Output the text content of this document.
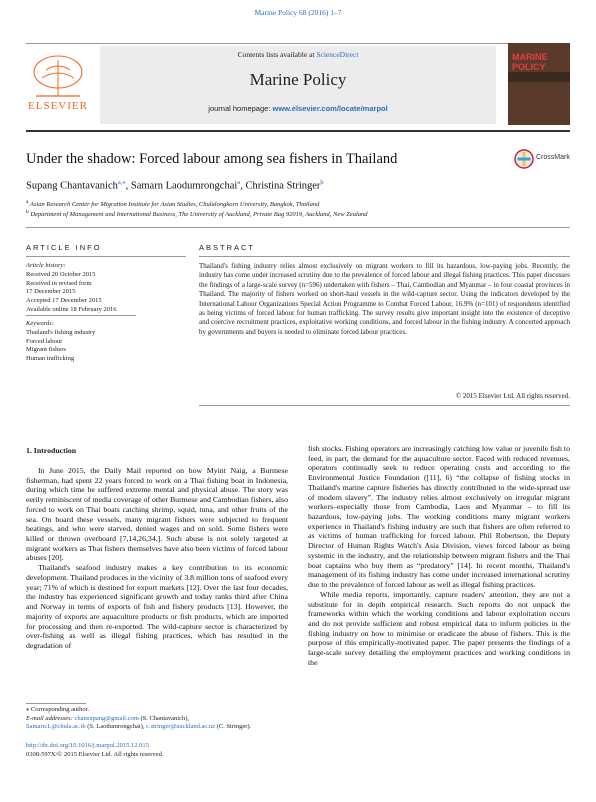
Marine Policy 68 (2016) 1–7
ELSEVIER
Contents lists available at ScienceDirect
Marine Policy
journal homepage: www.elsevier.com/locate/marpol
MARINE POLICY
Under the shadow: Forced labour among sea fishers in Thailand	CrossMark
Supang Chantavanich$^{a,⁎}$, Samarn Laodumrongchai$^a$, Christina Stringer$^b$
$^a$ Asian Research Center for Migration Institute for Asian Studies, Chulalongkorn University, Bangkok, Thailand
$^b$ Department of Management and International Business, The University of Auckland, Private Bag 92019, Auckland, New Zealand
ARTICLE INFO
Article history:
Received 20 October 2015
Received in revised form
17 December 2015
Accepted 17 December 2015
Available online 18 February 2016
Keywords:
Thailand's fishing industry
Forced labour
Migrant fishers
Human trafficking
ABSTRACT
Thailand's fishing industry relies almost exclusively on migrant workers to fill its hazardous, low-paying jobs. Recently, the industry has come under increased scrutiny due to the prevalence of forced labour and illegal fishing practices. This paper discusses the findings of a large-scale survey (n=596) undertaken with fishers – Thai, Cambodian and Myanmar – in four coastal provinces in Thailand. The majority of fishers worked on short-haul vessels in the wild-capture sector. Using the indicators developed by the International Labour Organizations Special Action Programme to Combat Forced Labour, 16.9% (n=101) of respondents identified as being victims of forced labour for human trafficking. The survey results give important insight into the existence of deceptive and coercive recruitment practices, exploitative working conditions, and forced labour in the fishing industry. A concerted approach by governments and buyers is needed to eliminate forced labour practices.
© 2015 Elsevier Ltd. All rights reserved.
1. Introduction

In June 2015, the Daily Mail reported on how Myint Naig, a Burmese fisherman, had spent 22 years forced to work on a Thai fishing boat in Indonesia, during which time he suffered extreme mental and physical abuse. The story was eerily reminiscent of media coverage of other Burmese and Cambodian fishers, also forced to work on Thai boats catching shrimp, squid, tuna, and other fruits of the sea. On board these vessels, many migrant fishers were subjected to frequent beatings, and who were starved, denied wages and on sold. Some fishers were killed or thrown overboard [7,14,26,34,]. Such abuse is not solely targeted at migrant workers as Thai fishers themselves have also been victims of forced labour abuses [20].

Thailand's seafood industry makes a key contribution to its economic development. Thailand produces in the vicinity of 3.8 million tons of seafood every year; 71% of which is destined for export markets [12]. Over the last four decades, the industry has experienced significant growth and today ranks third after China and Norway in terms of exports of fish and fishery products [13]. However, the majority of exports are aquaculture products or fish products, which are imported for processing and then re-exported. The wild-capture sector is characterized by over-fishing as well as illegal fishing practices, which has resulted in the degradation of

fish stocks. Fishing operators are increasingly catching low value or juvenile fish to feed, in part, the demand for the aquaculture sector. Faced with reduced revenues, operators continually seek to reduce operating costs and according to the Environmental Justice Foundation ([11], 6) “the collapse of fishing stocks in Thailand's marine capture fisheries has directly contributed to the wide-spread use of modern slavery”. The industry relies almost exclusively on irregular migrant workers–especially those from Cambodia, Laos and Myanmar – to fill its hazardous, low-paying jobs. The working conditions many migrant workers experience in Thailand's fishing industry are such that fishers are often referred to as victims of human trafficking for forced labour. Phil Robertson, the Deputy Director of Human Rights Watch's Asia Division, views forced labour as being systemic in the industry, and the relationship between migrant fishers and the Thai boat captains who buy them as “predatory” [14]. In recent months, Thailand's management of its fishing industry has come under increased international scrutiny due to the prevalence of forced labour as well as illegal fishing practices.

While media reports, importantly, capture readers' attention, they are not a substitute for in depth empirical research. Such reports do not unpack the frameworks within which the working conditions and labour exploitation occurs and do not provide sufficient and robust empirical data to inform policies in the fishing industry on how to minimise or eradicate the abuse of fishers. This is the purpose of this empirically-motivated paper. The paper presents the findings of a large-scale survey detailing the employment practices and working conditions in the

⁎ Corresponding author.
E-mail addresses: chansupang@gmail.com (S. Chantavanich),
Samarn.L@chula.ac.th (S. Laodumrongchai), c.stringer@auckland.ac.nz (C. Stringer).
http://dx.doi.org/10.1016/j.marpol.2015.12.015
0308-597X/© 2015 Elsevier Ltd. All rights reserved.
